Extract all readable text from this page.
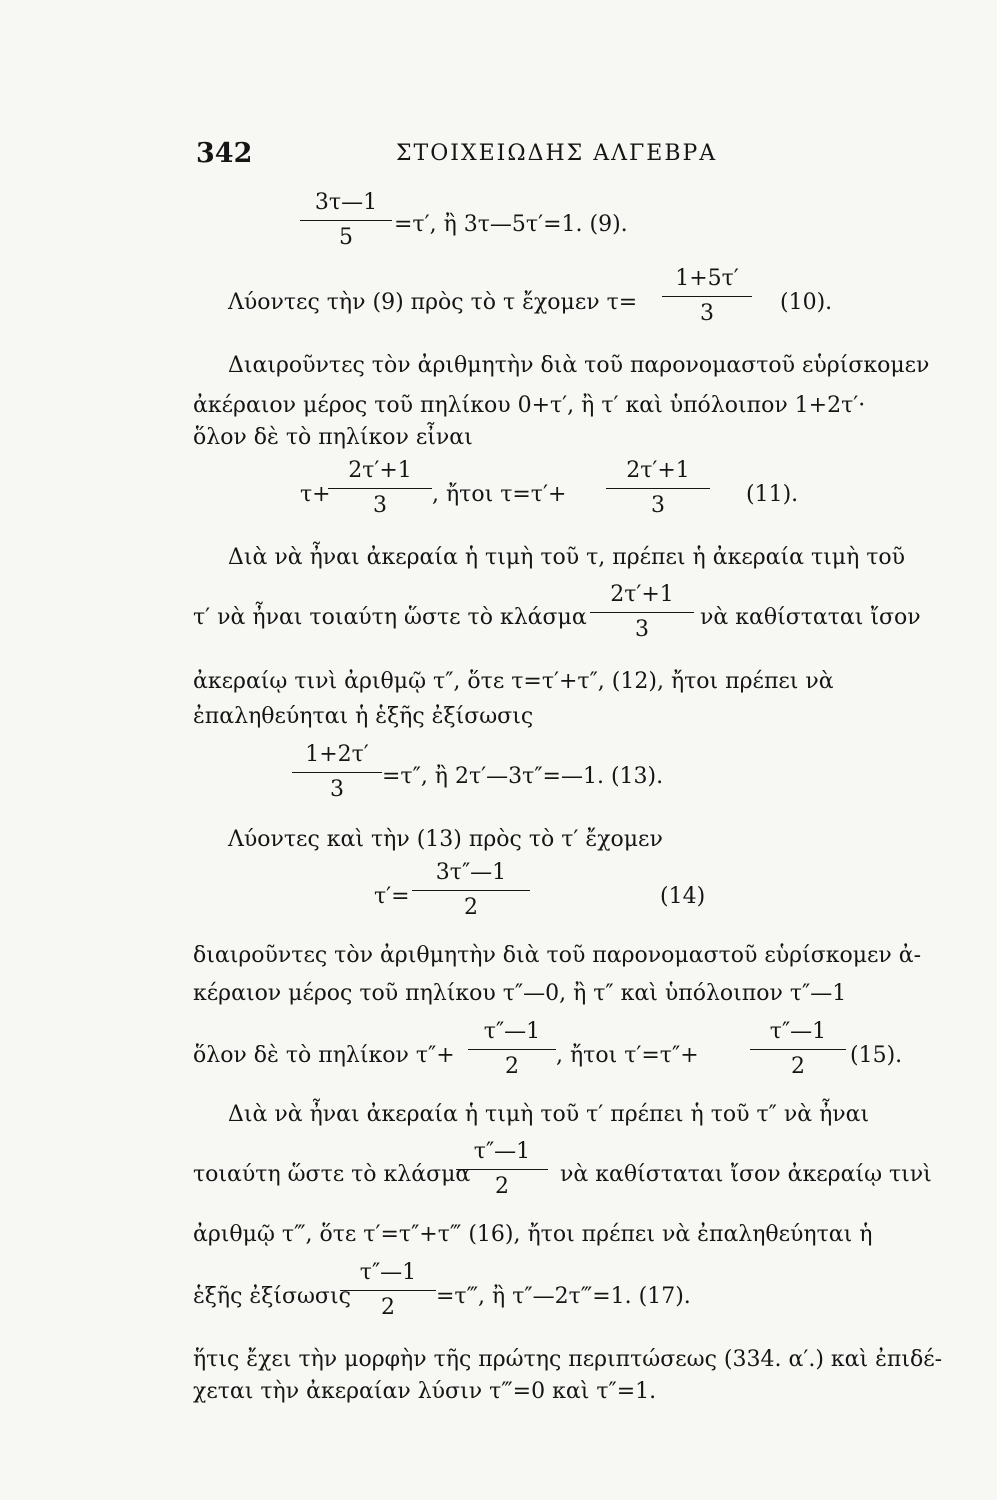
342	ΣΤΟΙΧΕΙΩΔΗΣ ΑΛΓΕΒΡΑ
$\frac{3\tau—1}{5} =\tau'$, ἢ 3τ—5τ′=1. (9).
Λύοντες τὴν (9) πρὸς τὸ τ ἔχομεν $\tau= \frac{1+5\tau'}{3} (10)$.
Διαιροῦντες τὸν ἀριθμητὴν διὰ τοῦ παρονομαστοῦ εὑρίσκομεν
ἀκέραιον μέρος τοῦ πηλίκου 0+τ′, ἢ τ′ καὶ ὑπόλοιπον 1+2τ′·
ὅλον δὲ τὸ πηλίκον εἶναι
τ+
$\frac{2\tau'+1}{3}$ , ἤτοι $\tau=\tau'+ \frac{2\tau'+1}{3} (11)$.
Διὰ νὰ ἦναι ἀκεραία ἡ τιμὴ τοῦ τ, πρέπει ἡ ἀκεραία τιμὴ τοῦ
τ′ νὰ ἦναι τοιαύτη ὥστε τὸ κλάσμα $\frac{2\tau'+1}{3}$ νὰ καθίσταται ἴσον
ἀκεραίῳ τινὶ ἀριθμῷ τ″, ὅτε τ=τ′+τ″, (12), ἤτοι πρέπει νὰ
ἐπαληθεύηται ἡ ἑξῆς ἐξίσωσις
$\frac{1+2\tau'}{3} =\tau''$, ἢ 2τ′—3τ″=—1. (13).
Λύοντες καὶ τὴν (13) πρὸς τὸ τ′ ἔχομεν
$\tau'= \frac{3\tau''—1}{2}$	(14)
διαιροῦντες τὸν ἀριθμητὴν διὰ τοῦ παρονομαστοῦ εὑρίσκομεν ἀ-
κέραιον μέρος τοῦ πηλίκου τ″—0, ἢ τ″ καὶ ὑπόλοιπον τ″—1
ὅλον δὲ τὸ πηλίκον $\tau''+ \frac{\tau''—1}{2}$ , ἤτοι $\tau'=\tau''+ \frac{\tau''—1}{2} (15)$.
Διὰ νὰ ἦναι ἀκεραία ἡ τιμὴ τοῦ τ′ πρέπει ἡ τοῦ τ″ νὰ ἦναι
τοιαύτη ὥστε τὸ κλάσμα
$\frac{\tau''—1}{2}$ νὰ καθίσταται ἴσον ἀκεραίῳ τινὶ
ἀριθμῷ τ‴, ὅτε τ′=τ″+τ‴ (16), ἤτοι πρέπει νὰ ἐπαληθεύηται ἡ
ἑξῆς ἐξίσωσις
$\frac{\tau''—1}{2}$ =τ‴, ἢ τ″—2τ‴=1. (17).
ἥτις ἔχει τὴν μορφὴν τῆς πρώτης περιπτώσεως (334. α′.) καὶ ἐπιδέ-
χεται τὴν ἀκεραίαν λύσιν τ‴=0 καὶ τ″=1.
